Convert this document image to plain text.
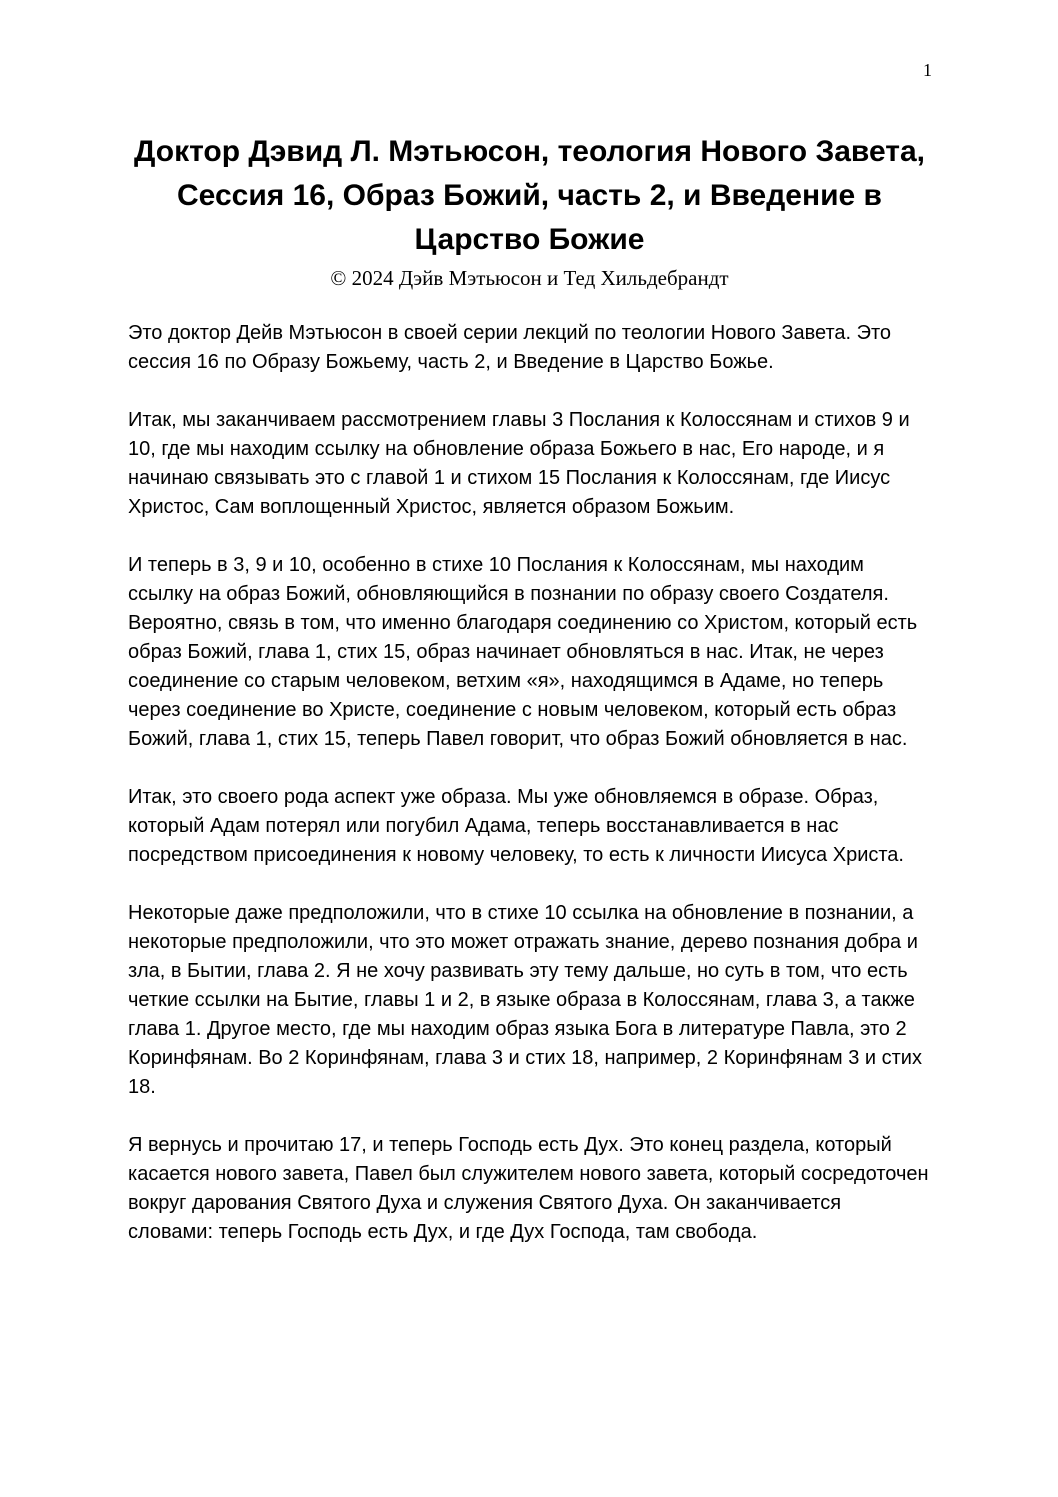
1
Доктор Дэвид Л. Мэтьюсон, теология Нового Завета,
Сессия 16, Образ Божий, часть 2, и Введение в Царство Божие
© 2024 Дэйв Мэтьюсон и Тед Хильдебрандт

Это доктор Дейв Мэтьюсон в своей серии лекций по теологии Нового Завета. Это сессия 16 по Образу Божьему, часть 2, и Введение в Царство Божье.

Итак, мы заканчиваем рассмотрением главы 3 Послания к Колоссянам и стихов 9 и 10, где мы находим ссылку на обновление образа Божьего в нас, Его народе, и я начинаю связывать это с главой 1 и стихом 15 Послания к Колоссянам, где Иисус Христос, Сам воплощенный Христос, является образом Божьим.

И теперь в 3, 9 и 10, особенно в стихе 10 Послания к Колоссянам, мы находим ссылку на образ Божий, обновляющийся в познании по образу своего Создателя. Вероятно, связь в том, что именно благодаря соединению со Христом, который есть образ Божий, глава 1, стих 15, образ начинает обновляться в нас. Итак, не через соединение со старым человеком, ветхим «я», находящимся в Адаме, но теперь через соединение во Христе, соединение с новым человеком, который есть образ Божий, глава 1, стих 15, теперь Павел говорит, что образ Божий обновляется в нас.

Итак, это своего рода аспект уже образа. Мы уже обновляемся в образе. Образ, который Адам потерял или погубил Адама, теперь восстанавливается в нас посредством присоединения к новому человеку, то есть к личности Иисуса Христа.

Некоторые даже предположили, что в стихе 10 ссылка на обновление в познании, а некоторые предположили, что это может отражать знание, дерево познания добра и зла, в Бытии, глава 2. Я не хочу развивать эту тему дальше, но суть в том, что есть четкие ссылки на Бытие, главы 1 и 2, в языке образа в Колоссянам, глава 3, а также глава 1. Другое место, где мы находим образ языка Бога в литературе Павла, это 2 Коринфянам. Во 2 Коринфянам, глава 3 и стих 18, например, 2 Коринфянам 3 и стих 18.

Я вернусь и прочитаю 17, и теперь Господь есть Дух. Это конец раздела, который касается нового завета, Павел был служителем нового завета, который сосредоточен вокруг дарования Святого Духа и служения Святого Духа. Он заканчивается словами: теперь Господь есть Дух, и где Дух Господа, там свобода.
